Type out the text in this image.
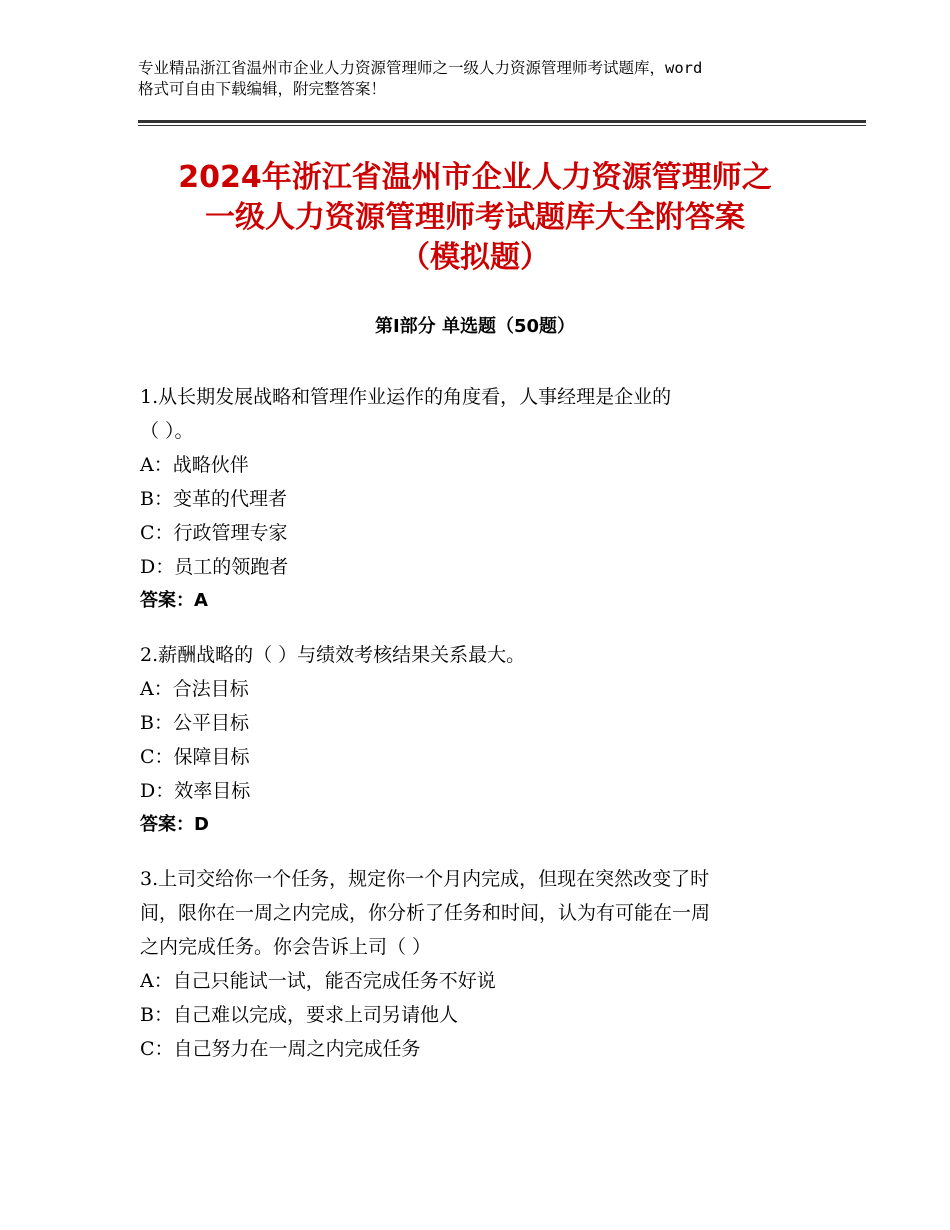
专业精品浙江省温州市企业人力资源管理师之一级人力资源管理师考试题库，word
格式可自由下载编辑，附完整答案！
2024年浙江省温州市企业人力资源管理师之
一级人力资源管理师考试题库大全附答案
（模拟题）
第Ⅰ部分 单选题（50题）
1.从长期发展战略和管理作业运作的角度看，人事经理是企业的
（ ）。
A：战略伙伴
B：变革的代理者
C：行政管理专家
D：员工的领跑者
答案：A
2.薪酬战略的（ ）与绩效考核结果关系最大。
A：合法目标
B：公平目标
C：保障目标
D：效率目标
答案：D
3.上司交给你一个任务，规定你一个月内完成，但现在突然改变了时
间，限你在一周之内完成，你分析了任务和时间，认为有可能在一周
之内完成任务。你会告诉上司（ ）
A：自己只能试一试，能否完成任务不好说
B：自己难以完成，要求上司另请他人
C：自己努力在一周之内完成任务
